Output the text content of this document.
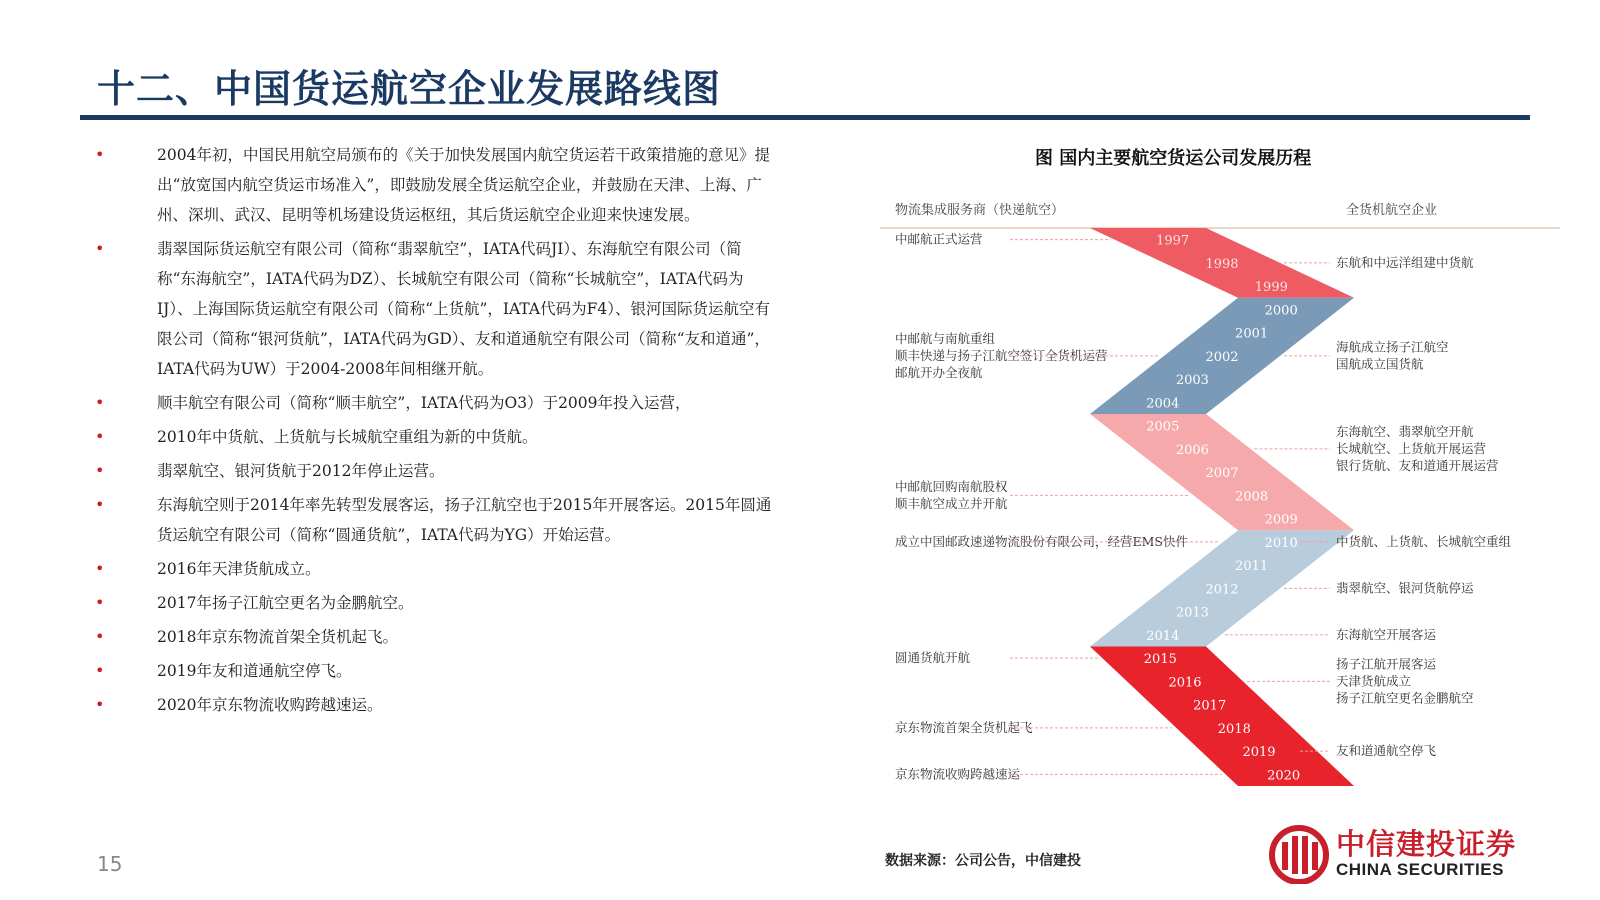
十二、中国货运航空企业发展路线图
•	2004年初，中国民用航空局颁布的《关于加快发展国内航空货运若干政策措施的意见》提出“放宽国内航空货运市场准入”，即鼓励发展全货运航空企业，并鼓励在天津、上海、广州、深圳、武汉、昆明等机场建设货运枢纽，其后货运航空企业迎来快速发展。
•	翡翠国际货运航空有限公司（简称“翡翠航空”，IATA代码JI）、东海航空有限公司（简称“东海航空”，IATA代码为DZ）、长城航空有限公司（简称“长城航空”，IATA代码为IJ）、上海国际货运航空有限公司（简称“上货航”，IATA代码为F4）、银河国际货运航空有限公司（简称“银河货航”，IATA代码为GD）、友和道通航空有限公司（简称“友和道通”，IATA代码为UW）于2004-2008年间相继开航。
•	顺丰航空有限公司（简称“顺丰航空”，IATA代码为O3）于2009年投入运营，
•	2010年中货航、上货航与长城航空重组为新的中货航。
•	翡翠航空、银河货航于2012年停止运营。
•	东海航空则于2014年率先转型发展客运，扬子江航空也于2015年开展客运。2015年圆通货运航空有限公司（简称“圆通货航”，IATA代码为YG）开始运营。
•	2016年天津货航成立。
•	2017年扬子江航空更名为金鹏航空。
•	2018年京东物流首架全货机起飞。
•	2019年友和道通航空停飞。
•	2020年京东物流收购跨越速运。
15
图 国内主要航空货运公司发展历程
物流集成服务商（快递航空）	全货机航空企业
1997
1998
1999
2000
2001
2002
2003
2004
2005
2006
2007
2008
2009
2010
2011
2012
2013
2014
2015
2016
2017
2018
2019
2020
中邮航正式运营
中邮航与南航重组
顺丰快递与扬子江航空签订全货机运营
邮航开办全夜航
中邮航回购南航股权
顺丰航空成立并开航
成立中国邮政速递物流股份有限公司，经营EMS快件
圆通货航开航
京东物流首架全货机起飞
京东物流收购跨越速运
东航和中远洋组建中货航
海航成立扬子江航空
国航成立国货航
东海航空、翡翠航空开航
长城航空、上货航开展运营
银行货航、友和道通开展运营
中货航、上货航、长城航空重组
翡翠航空、银河货航停运
东海航空开展客运
扬子江航开展客运
天津货航成立
扬子江航空更名金鹏航空
友和道通航空停飞
数据来源：公司公告，中信建投	中信建投证券
CHINA SECURITIES
